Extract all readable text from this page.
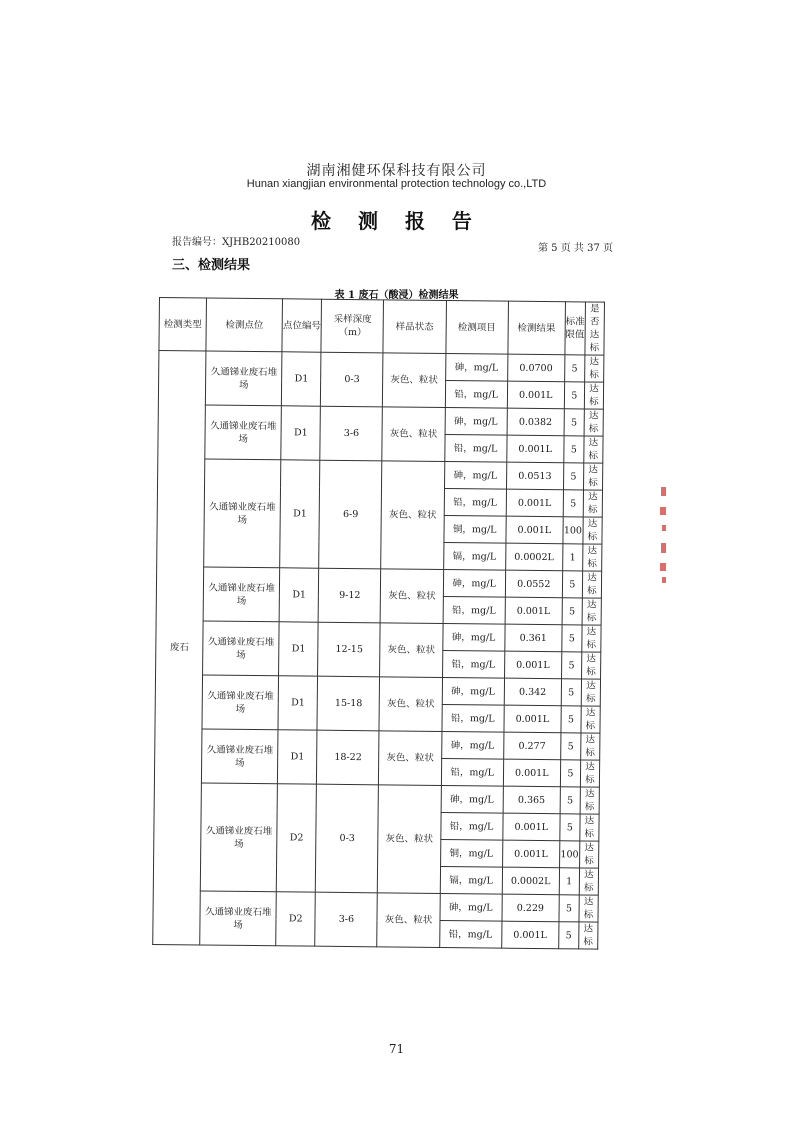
湖南湘健环保科技有限公司
Hunan xiangjian environmental protection technology co.,LTD
检 测 报 告
报告编号：XJHB20210080
第 5 页 共 37 页
三、检测结果
表 1 废石（酸浸）检测结果
检测类型	检测点位	点位编号	采样深度（m）	样品状态	检测项目	检测结果	标准限值	是否达标
废石	久通锑业废石堆场	D1	0-3	灰色、粒状	砷，mg/L	0.0700	5	达标
					铅，mg/L	0.001L	5	达标
	久通锑业废石堆场	D1	3-6	灰色、粒状	砷，mg/L	0.0382	5	达标
					铅，mg/L	0.001L	5	达标
	久通锑业废石堆场	D1	6-9	灰色、粒状	砷，mg/L	0.0513	5	达标
					铅，mg/L	0.001L	5	达标
					铜，mg/L	0.001L	100	达标
					镉，mg/L	0.0002L	1	达标
	久通锑业废石堆场	D1	9-12	灰色、粒状	砷，mg/L	0.0552	5	达标
					铅，mg/L	0.001L	5	达标
	久通锑业废石堆场	D1	12-15	灰色、粒状	砷，mg/L	0.361	5	达标
					铅，mg/L	0.001L	5	达标
	久通锑业废石堆场	D1	15-18	灰色、粒状	砷，mg/L	0.342	5	达标
					铅，mg/L	0.001L	5	达标
	久通锑业废石堆场	D1	18-22	灰色、粒状	砷，mg/L	0.277	5	达标
					铅，mg/L	0.001L	5	达标
	久通锑业废石堆场	D2	0-3	灰色、粒状	砷，mg/L	0.365	5	达标
					铅，mg/L	0.001L	5	达标
					铜，mg/L	0.001L	100	达标
					镉，mg/L	0.0002L	1	达标
	久通锑业废石堆场	D2	3-6	灰色、粒状	砷，mg/L	0.229	5	达标
					铅，mg/L	0.001L	5	达标
71
